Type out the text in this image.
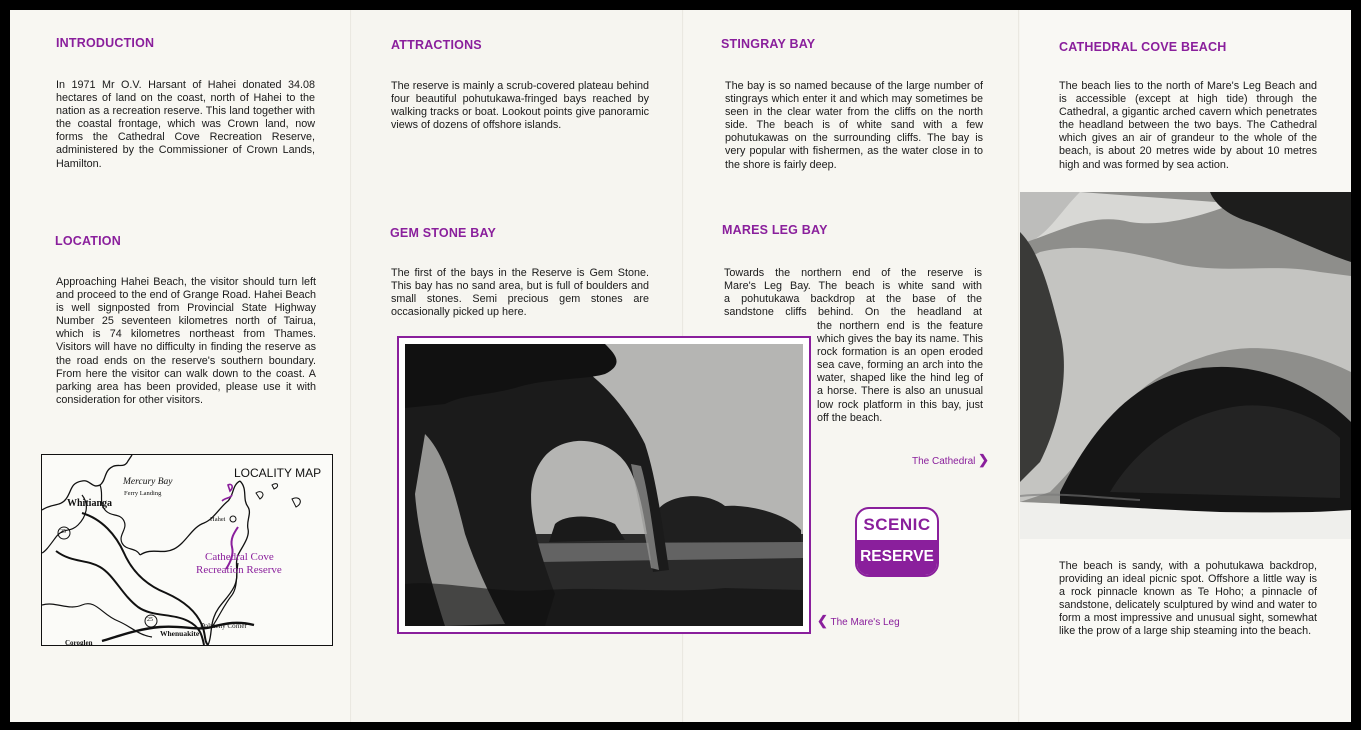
INTRODUCTION

In 1971 Mr O.V. Harsant of Hahei donated 34.08 hectares of land on the coast, north of Hahei to the nation as a recreation reserve. This land together with the coastal frontage, which was Crown land, now forms the Cathedral Cove Recreation Reserve, administered by the Commissioner of Crown Lands, Hamilton.

LOCATION

Approaching Hahei Beach, the visitor should turn left and proceed to the end of Grange Road. Hahei Beach is well signposted from Provincial State Highway Number 25 seventeen kilometres north of Tairua, which is 74 kilometres northeast from Thames. Visitors will have no difficulty in finding the reserve as the road ends on the reserve's southern boundary. From here the visitor can walk down to the coast. A parking area has been provided, please use it with consideration for other visitors.

LOCALITY MAP
Mercury Bay
Ferry Landing
Whitianga
Hahei
Cathedral Cove
Recreation Reserve
Dalmeny Corner
Whenuakite
Coroglen
25
25
ATTRACTIONS

The reserve is mainly a scrub-covered plateau behind four beautiful pohutukawa-fringed bays reached by walking tracks or boat. Lookout points give panoramic views of dozens of offshore islands.

GEM STONE BAY

The first of the bays in the Reserve is Gem Stone. This bay has no sand area, but is full of boulders and small stones. Semi precious gem stones are occasionally picked up here.

STINGRAY BAY

The bay is so named because of the large number of stingrays which enter it and which may sometimes be seen in the clear water from the cliffs on the north side. The beach is of white sand with a few pohutukawas on the surrounding cliffs. The bay is very popular with fishermen, as the water close in to the shore is fairly deep.

MARES LEG BAY
Towards the northern end of the reserve is
Mare's Leg Bay. The beach is white sand with
a pohutukawa backdrop at the base of the
sandstone cliffs behind. On the headland at

the northern end is the feature which gives the bay its name. This rock formation is an open eroded sea cave, forming an arch into the water, shaped like the hind leg of a horse. There is also an unusual low rock platform in this bay, just off the beach.

The Cathedral ❯
SCENIC
RESERVE
❮ The Mare's Leg
CATHEDRAL COVE BEACH

The beach lies to the north of Mare's Leg Beach and is accessible (except at high tide) through the Cathedral, a gigantic arched cavern which penetrates the headland between the two bays. The Cathedral which gives an air of grandeur to the whole of the beach, is about 20 metres wide by about 10 metres high and was formed by sea action.

The beach is sandy, with a pohutukawa backdrop, providing an ideal picnic spot. Offshore a little way is a rock pinnacle known as Te Hoho; a pinnacle of sandstone, delicately sculptured by wind and water to form a most impressive and unusual sight, somewhat like the prow of a large ship steaming into the beach.
